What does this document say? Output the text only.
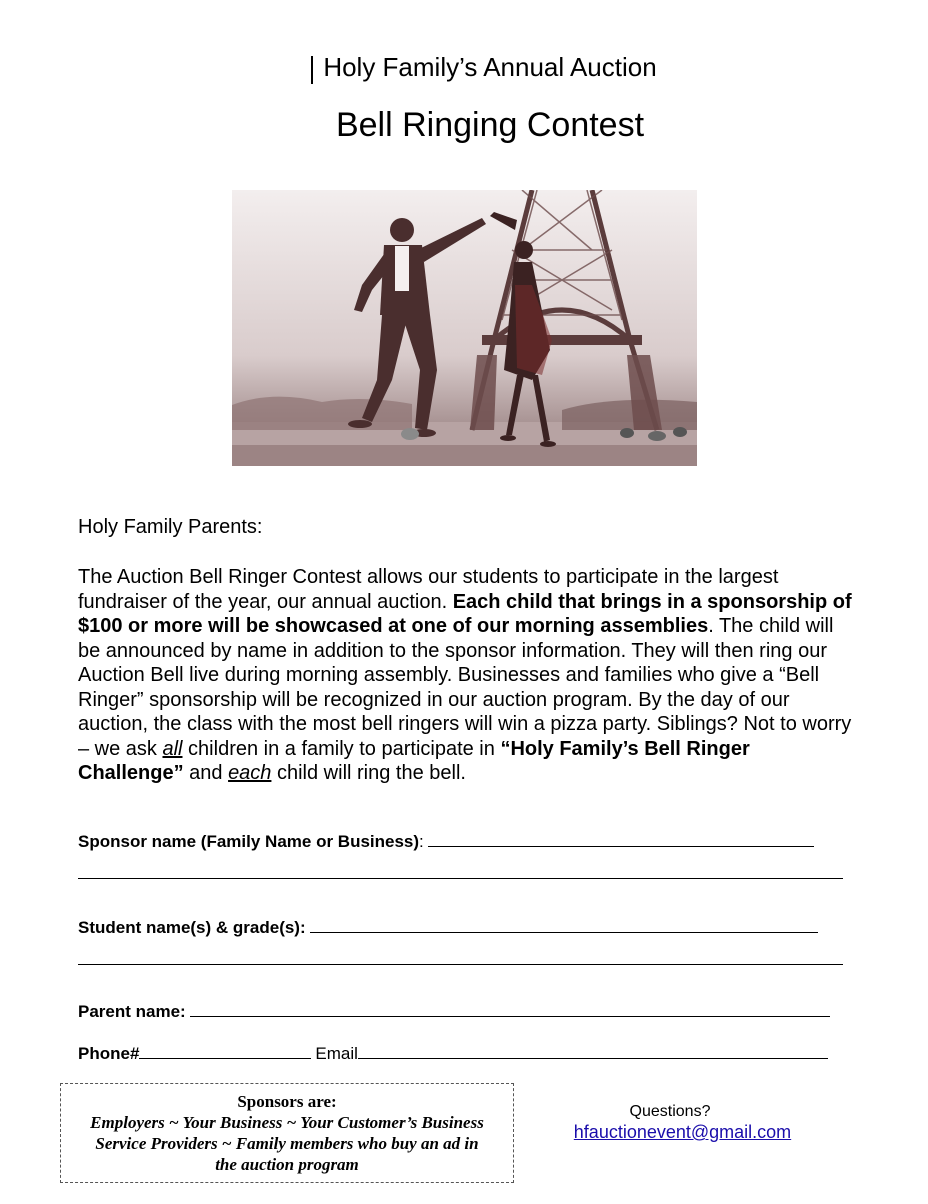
Holy Family’s Annual Auction
Bell Ringing Contest
Holy Family Parents:
The Auction Bell Ringer Contest allows our students to participate in the largest fundraiser of the year, our annual auction. Each child that brings in a sponsorship of $100 or more will be showcased at one of our morning assemblies. The child will be announced by name in addition to the sponsor information. They will then ring our Auction Bell live during morning assembly. Businesses and families who give a “Bell Ringer” sponsorship will be recognized in our auction program. By the day of our auction, the class with the most bell ringers will win a pizza party. Siblings? Not to worry – we ask all children in a family to participate in “Holy Family’s Bell Ringer Challenge” and each child will ring the bell.
Sponsor name (Family Name or Business) :
Student name(s) & grade(s):
Parent name:
Phone#	Email
Sponsors are:
Employers ~ Your Business ~ Your Customer’s Business
Service Providers ~ Family members who buy an ad in
the auction program
Questions?
hfauctionevent@gmail.com
